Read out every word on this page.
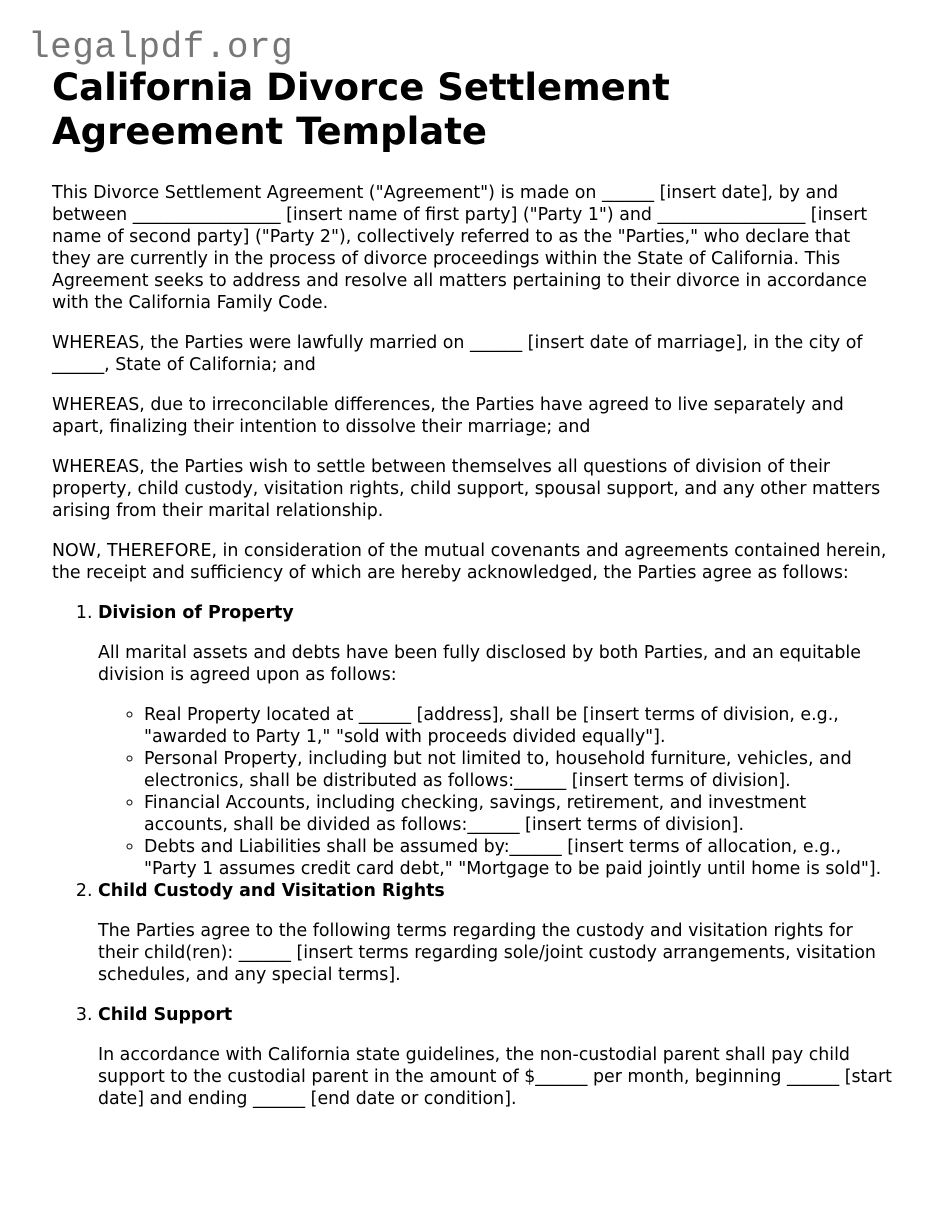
legalpdf.org
California Divorce Settlement
Agreement Template

This Divorce Settlement Agreement ("Agreement") is made on ______ [insert date], by and between _________________ [insert name of first party] ("Party 1") and _________________ [insert name of second party] ("Party 2"), collectively referred to as the "Parties," who declare that they are currently in the process of divorce proceedings within the State of California. This Agreement seeks to address and resolve all matters pertaining to their divorce in accordance with the California Family Code.

WHEREAS, the Parties were lawfully married on ______ [insert date of marriage], in the city of ______, State of California; and

WHEREAS, due to irreconcilable differences, the Parties have agreed to live separately and apart, finalizing their intention to dissolve their marriage; and

WHEREAS, the Parties wish to settle between themselves all questions of division of their property, child custody, visitation rights, child support, spousal support, and any other matters arising from their marital relationship.

NOW, THEREFORE, in consideration of the mutual covenants and agreements contained herein, the receipt and sufficiency of which are hereby acknowledged, the Parties agree as follows:

1. Division of Property
All marital assets and debts have been fully disclosed by both Parties, and an equitable division is agreed upon as follows:
◦ Real Property located at ______ [address], shall be [insert terms of division, e.g., "awarded to Party 1," "sold with proceeds divided equally"].
◦ Personal Property, including but not limited to, household furniture, vehicles, and electronics, shall be distributed as follows:______ [insert terms of division].
◦ Financial Accounts, including checking, savings, retirement, and investment accounts, shall be divided as follows:______ [insert terms of division].
◦ Debts and Liabilities shall be assumed by:______ [insert terms of allocation, e.g., "Party 1 assumes credit card debt," "Mortgage to be paid jointly until home is sold"].
2. Child Custody and Visitation Rights
The Parties agree to the following terms regarding the custody and visitation rights for their child(ren): ______ [insert terms regarding sole/joint custody arrangements, visitation schedules, and any special terms].
3. Child Support
In accordance with California state guidelines, the non-custodial parent shall pay child support to the custodial parent in the amount of $______ per month, beginning ______ [start date] and ending ______ [end date or condition].
